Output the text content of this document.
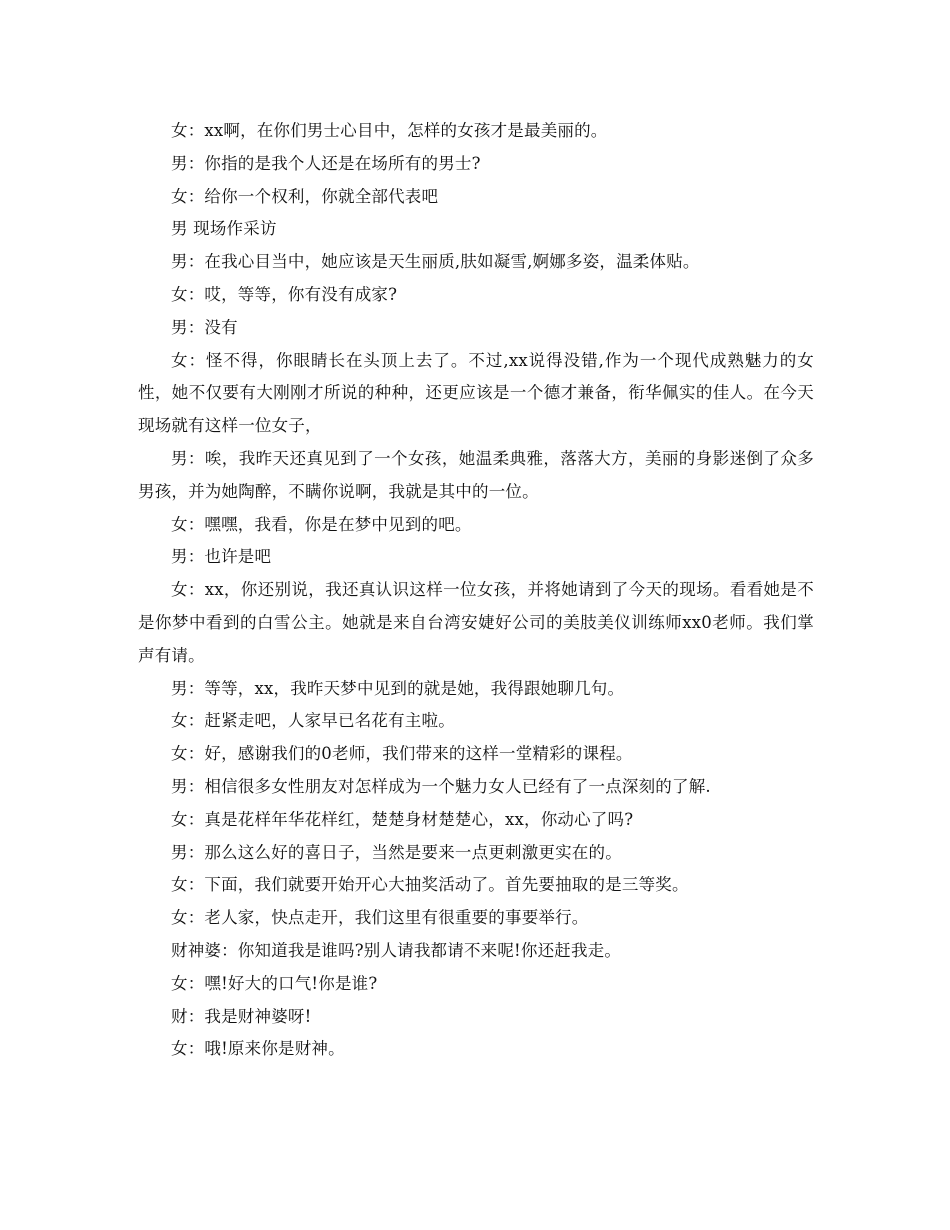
女：xx啊，在你们男士心目中，怎样的女孩才是最美丽的。

男：你指的是我个人还是在场所有的男士?

女：给你一个权利，你就全部代表吧

男 现场作采访

男：在我心目当中，她应该是天生丽质,肤如凝雪,婀娜多姿，温柔体贴。

女：哎，等等，你有没有成家?

男：没有

女：怪不得，你眼睛长在头顶上去了。不过,xx说得没错,作为一个现代成熟魅力的女性，她不仅要有大刚刚才所说的种种，还更应该是一个德才兼备，衔华佩实的佳人。在今天现场就有这样一位女子，

男：唉，我昨天还真见到了一个女孩，她温柔典雅，落落大方，美丽的身影迷倒了众多男孩，并为她陶醉，不瞒你说啊，我就是其中的一位。

女：嘿嘿，我看，你是在梦中见到的吧。

男：也许是吧

女：xx，你还别说，我还真认识这样一位女孩，并将她请到了今天的现场。看看她是不是你梦中看到的白雪公主。她就是来自台湾安婕好公司的美肢美仪训练师xx0老师。我们掌声有请。

男：等等，xx，我昨天梦中见到的就是她，我得跟她聊几句。

女：赶紧走吧，人家早已名花有主啦。

女：好，感谢我们的0老师，我们带来的这样一堂精彩的课程。

男：相信很多女性朋友对怎样成为一个魅力女人已经有了一点深刻的了解.

女：真是花样年华花样红，楚楚身材楚楚心，xx，你动心了吗?

男：那么这么好的喜日子，当然是要来一点更刺激更实在的。

女：下面，我们就要开始开心大抽奖活动了。首先要抽取的是三等奖。

女：老人家，快点走开，我们这里有很重要的事要举行。

财神婆：你知道我是谁吗?别人请我都请不来呢!你还赶我走。

女：嘿!好大的口气!你是谁?

财：我是财神婆呀!

女：哦!原来你是财神。
